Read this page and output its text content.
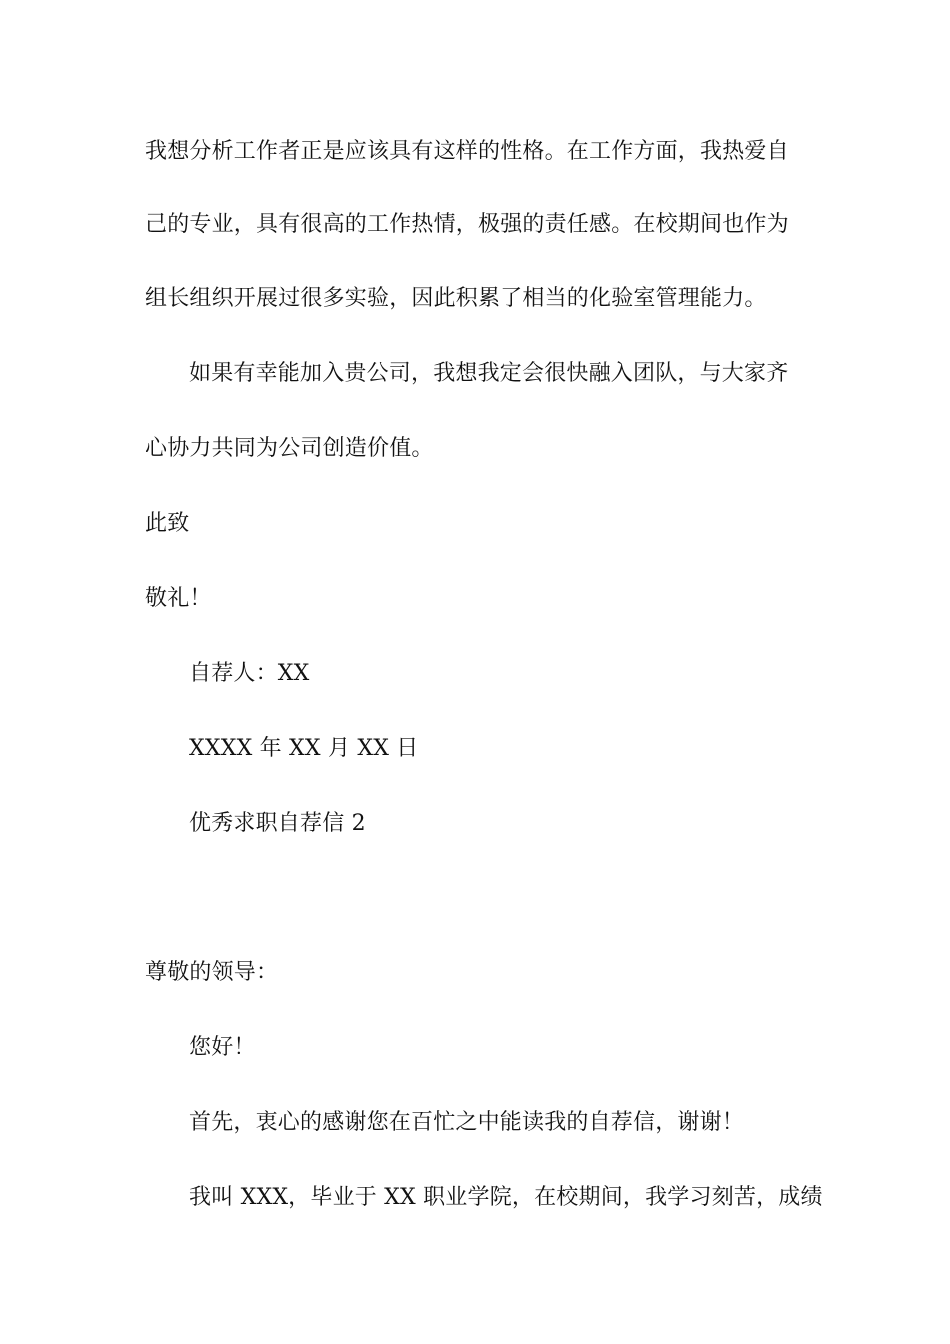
我想分析工作者正是应该具有这样的性格。在工作方面，我热爱自
己的专业，具有很高的工作热情，极强的责任感。在校期间也作为
组长组织开展过很多实验，因此积累了相当的化验室管理能力。
如果有幸能加入贵公司，我想我定会很快融入团队，与大家齐
心协力共同为公司创造价值。
此致
敬礼！
自荐人：XX
XXXX 年 XX 月 XX 日
优秀求职自荐信 2
尊敬的领导：
您好！
首先，衷心的感谢您在百忙之中能读我的自荐信，谢谢！
我叫 XXX，毕业于 XX 职业学院，在校期间，我学习刻苦，成绩
